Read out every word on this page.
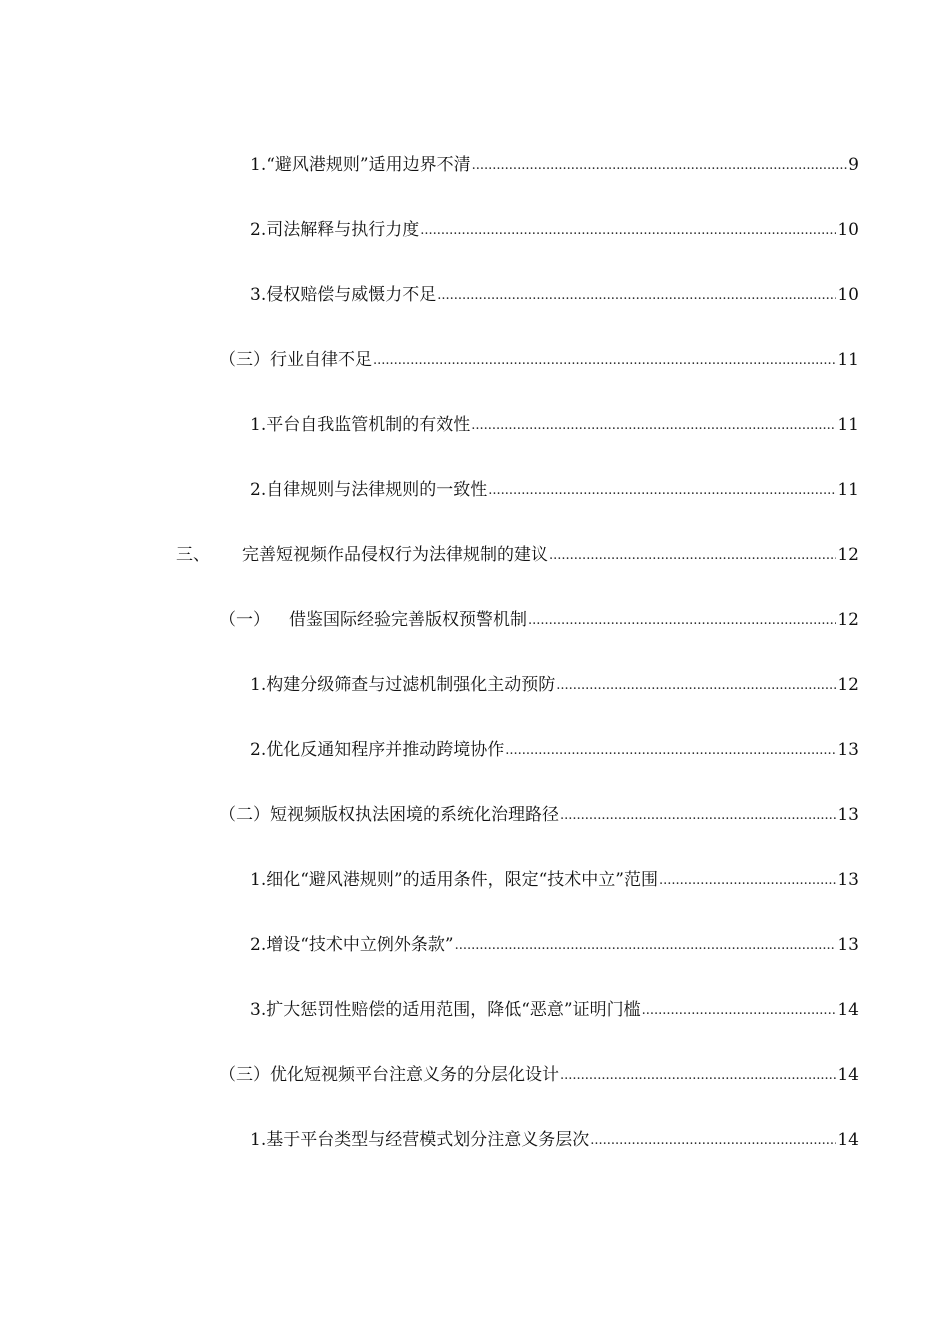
1.“避风港规则”适用边界不清 .....	9
2.司法解释与执行力度 .....	10
3.侵权赔偿与威慑力不足 .....	10
（三）行业自律不足 .....	11
1.平台自我监管机制的有效性 .....	11
2.自律规则与法律规则的一致性 .....	11
三、	完善短视频作品侵权行为法律规制的建议 .....	12
（一）	借鉴国际经验完善版权预警机制 .....	12
1.构建分级筛查与过滤机制强化主动预防 .....	12
2.优化反通知程序并推动跨境协作 .....	13
（二）短视频版权执法困境的系统化治理路径 .....	13
1.细化“避风港规则”的适用条件，限定“技术中立”范围 .....	13
2.增设“技术中立例外条款” .....	13
3.扩大惩罚性赔偿的适用范围，降低“恶意”证明门槛 .....	14
（三）优化短视频平台注意义务的分层化设计 .....	14
1.基于平台类型与经营模式划分注意义务层次 .....	14
